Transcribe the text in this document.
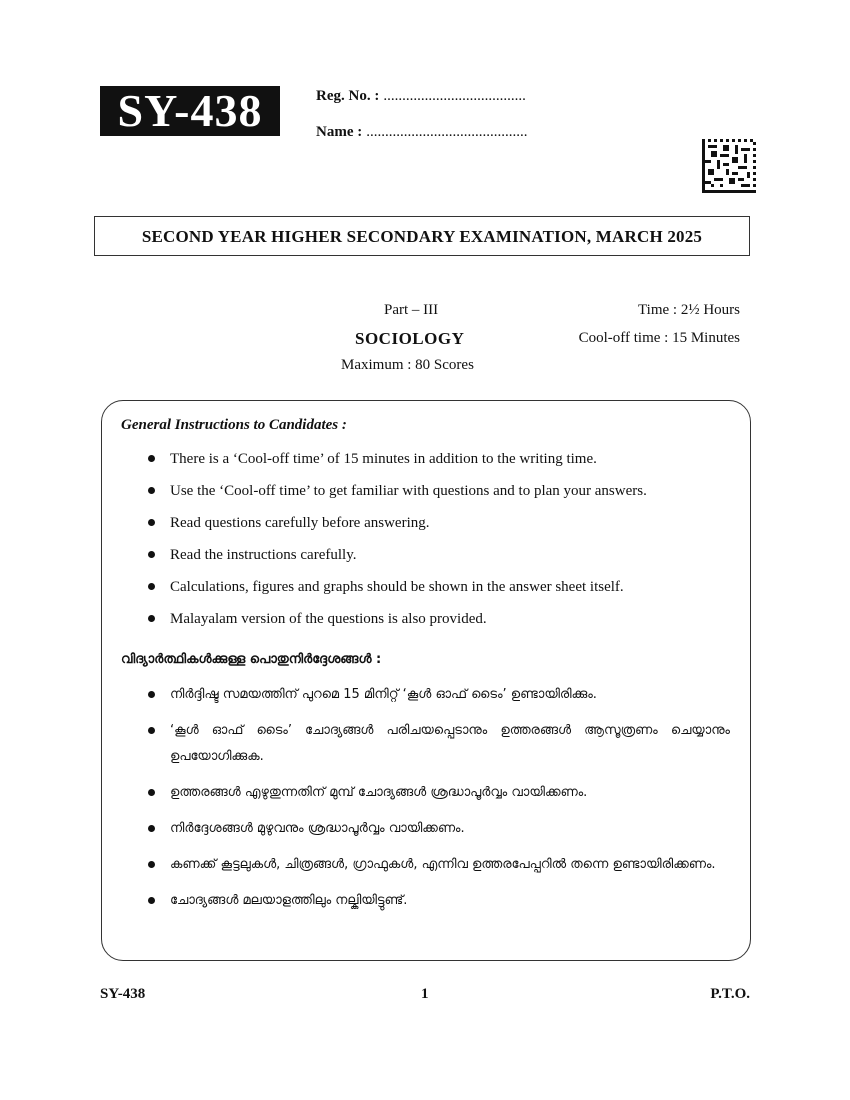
SY-438	Reg. No. : ......................................
Name : ...........................................
SECOND YEAR HIGHER SECONDARY EXAMINATION, MARCH 2025
Part – III
SOCIOLOGY
Maximum : 80 Scores
Time : 2½ Hours
Cool-off time : 15 Minutes
General Instructions to Candidates :
There is a ‘Cool-off time’ of 15 minutes in addition to the writing time.
Use the ‘Cool-off time’ to get familiar with questions and to plan your answers.
Read questions carefully before answering.
Read the instructions carefully.
Calculations, figures and graphs should be shown in the answer sheet itself.
Malayalam version of the questions is also provided.
വിദ്യാർത്ഥികൾക്കുള്ള പൊതുനിർദ്ദേശങ്ങൾ :
നിർദ്ദിഷ്ട സമയത്തിന് പുറമെ 15 മിനിറ്റ് ‘കൂൾ ഓഫ് ടൈം’ ഉണ്ടായിരിക്കും.
‘കൂൾ ഓഫ് ടൈം’ ചോദ്യങ്ങൾ പരിചയപ്പെടാനും ഉത്തരങ്ങൾ ആസൂത്രണം ചെയ്യാനും ഉപയോഗിക്കുക.
ഉത്തരങ്ങൾ എഴുതുന്നതിന് മുമ്പ് ചോദ്യങ്ങൾ ശ്രദ്ധാപൂർവ്വം വായിക്കണം.
നിർദ്ദേശങ്ങൾ മുഴുവനും ശ്രദ്ധാപൂർവ്വം വായിക്കണം.
കണക്ക് കൂട്ടലുകൾ, ചിത്രങ്ങൾ, ഗ്രാഫുകൾ, എന്നിവ ഉത്തരപേപ്പറിൽ തന്നെ ഉണ്ടായിരിക്കണം.
ചോദ്യങ്ങൾ മലയാളത്തിലും നല്കിയിട്ടുണ്ട്.
SY-438	1	P.T.O.
